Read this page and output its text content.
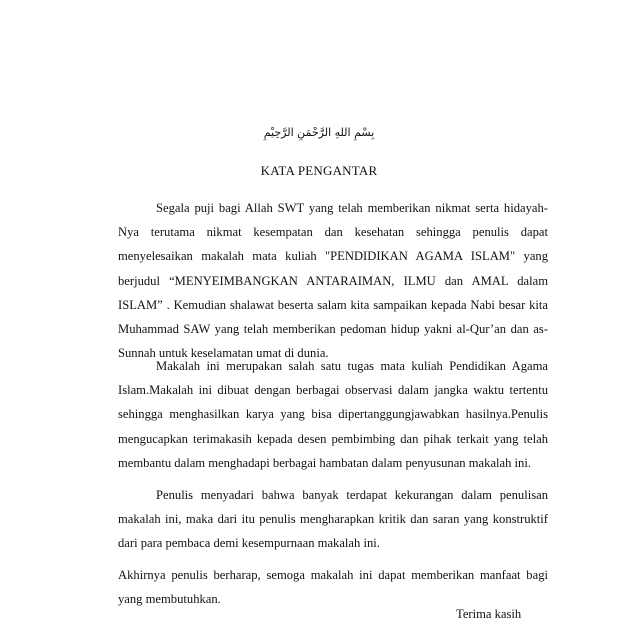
بِسْمِ اللهِ الرَّحْمَنِ الرَّحِيْمِ
KATA PENGANTAR

Segala puji bagi Allah SWT yang telah memberikan nikmat serta hidayah-Nya terutama nikmat kesempatan dan kesehatan sehingga penulis dapat menyelesaikan makalah mata kuliah "PENDIDIKAN AGAMA ISLAM" yang berjudul “MENYEIMBANGKAN ANTARAIMAN, ILMU dan AMAL dalam ISLAM” . Kemudian shalawat beserta salam kita sampaikan kepada Nabi besar kita Muhammad SAW yang telah memberikan pedoman hidup yakni al-Qur’an dan as-Sunnah untuk keselamatan umat di dunia.

Makalah ini merupakan salah satu tugas mata kuliah Pendidikan Agama Islam.Makalah ini dibuat dengan berbagai observasi dalam jangka waktu tertentu sehingga menghasilkan karya yang bisa dipertanggungjawabkan hasilnya.Penulis mengucapkan terimakasih kepada desen pembimbing dan pihak terkait yang telah membantu dalam menghadapi berbagai hambatan dalam penyusunan makalah ini.

Penulis menyadari bahwa banyak terdapat kekurangan dalam penulisan makalah ini, maka dari itu penulis mengharapkan kritik dan saran yang konstruktif dari para pembaca demi kesempurnaan makalah ini.

Akhirnya penulis berharap, semoga makalah ini dapat memberikan manfaat bagi yang membutuhkan.

Terima kasih
